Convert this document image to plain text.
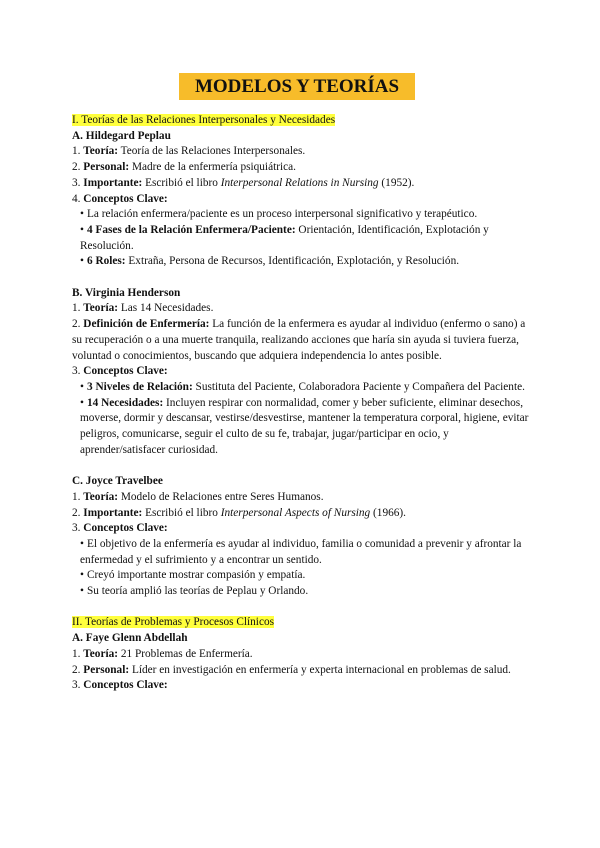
MODELOS Y TEORÍAS

I. Teorías de las Relaciones Interpersonales y Necesidades

A. Hildegard Peplau

1. Teoría: Teoría de las Relaciones Interpersonales.

2. Personal: Madre de la enfermería psiquiátrica.

3. Importante: Escribió el libro Interpersonal Relations in Nursing (1952).

4. Conceptos Clave:

• La relación enfermera/paciente es un proceso interpersonal significativo y terapéutico.

• 4 Fases de la Relación Enfermera/Paciente: Orientación, Identificación, Explotación y Resolución.

• 6 Roles: Extraña, Persona de Recursos, Identificación, Explotación, y Resolución.

B. Virginia Henderson

1. Teoría: Las 14 Necesidades.

2. Definición de Enfermería: La función de la enfermera es ayudar al individuo (enfermo o sano) a su recuperación o a una muerte tranquila, realizando acciones que haría sin ayuda si tuviera fuerza, voluntad o conocimientos, buscando que adquiera independencia lo antes posible.

3. Conceptos Clave:

• 3 Niveles de Relación: Sustituta del Paciente, Colaboradora Paciente y Compañera del Paciente.

• 14 Necesidades: Incluyen respirar con normalidad, comer y beber suficiente, eliminar desechos, moverse, dormir y descansar, vestirse/desvestirse, mantener la temperatura corporal, higiene, evitar peligros, comunicarse, seguir el culto de su fe, trabajar, jugar/participar en ocio, y aprender/satisfacer curiosidad.

C. Joyce Travelbee

1. Teoría: Modelo de Relaciones entre Seres Humanos.

2. Importante: Escribió el libro Interpersonal Aspects of Nursing (1966).

3. Conceptos Clave:

• El objetivo de la enfermería es ayudar al individuo, familia o comunidad a prevenir y afrontar la enfermedad y el sufrimiento y a encontrar un sentido.

• Creyó importante mostrar compasión y empatía.

• Su teoría amplió las teorías de Peplau y Orlando.

II. Teorías de Problemas y Procesos Clínicos

A. Faye Glenn Abdellah

1. Teoría: 21 Problemas de Enfermería.

2. Personal: Líder en investigación en enfermería y experta internacional en problemas de salud.

3. Conceptos Clave:
